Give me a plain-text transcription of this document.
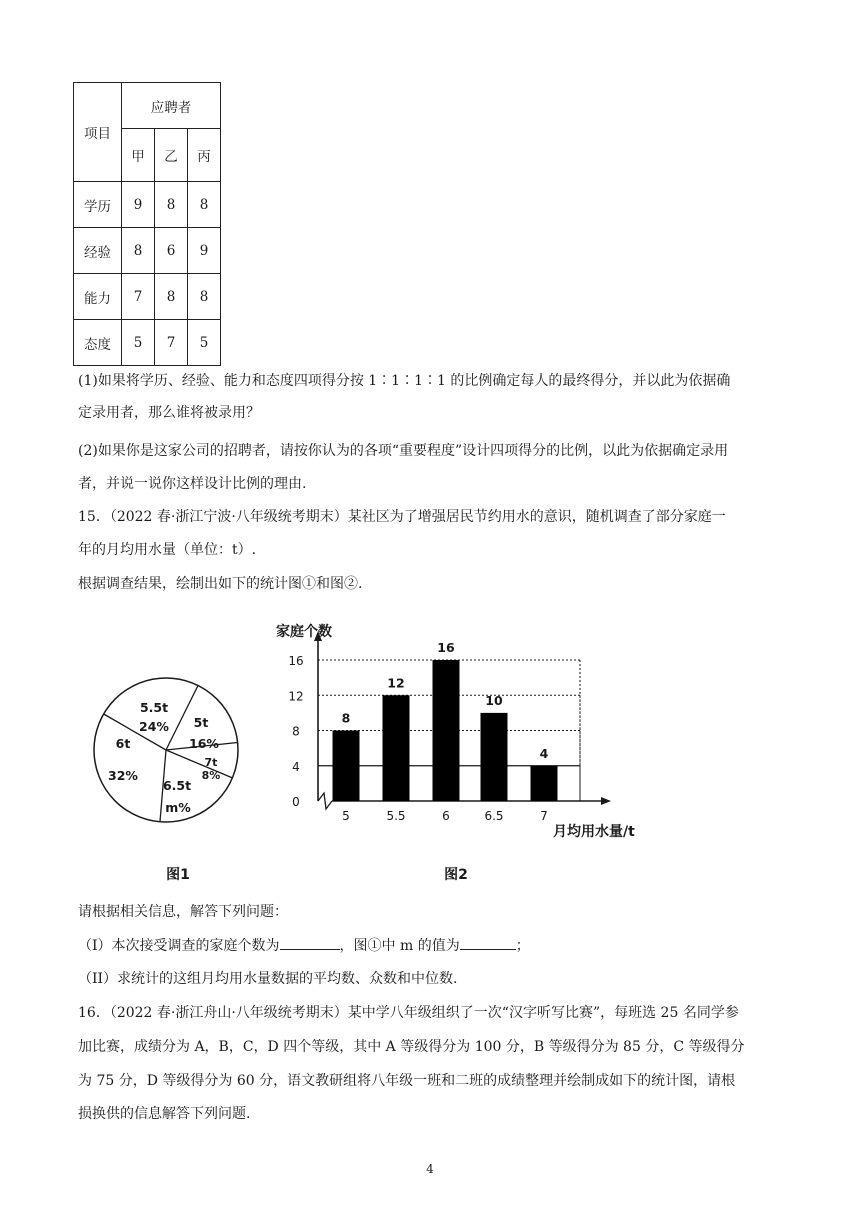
项目	应聘者		
	甲	乙	丙
学历	9	8	8
经验	8	6	9
能力	7	8	8
态度	5	7	5

(1)如果将学历、经验、能力和态度四项得分按 1∶1∶1∶1 的比例确定每人的最终得分，并以此为依据确

定录用者，那么谁将被录用？

(2)如果你是这家公司的招聘者，请按你认为的各项“重要程度”设计四项得分的比例，以此为依据确定录用

者，并说一说你这样设计比例的理由.

15．（2022 春·浙江宁波·八年级统考期末）某社区为了增强居民节约用水的意识，随机调查了部分家庭一

年的月均用水量（单位：t）.

根据调查结果，绘制出如下的统计图①和图②.

5.5t
24% 5t
16%
7t
8%
6.5t
m%
6t
32%
图1
0
4
8
12
16
8
5
12
5.5
16
6
10
6.5
4
7
家庭个数
月均用水量/t
图2

请根据相关信息，解答下列问题：

（I）本次接受调查的家庭个数为	，图①中 m 的值为	；

（II）求统计的这组月均用水量数据的平均数、众数和中位数.

16．（2022 春·浙江舟山·八年级统考期末）某中学八年级组织了一次“汉字听写比赛”，每班选 25 名同学参

加比赛，成绩分为 A，B，C，D 四个等级，其中 A 等级得分为 100 分，B 等级得分为 85 分，C 等级得分

为 75 分，D 等级得分为 60 分，语文教研组将八年级一班和二班的成绩整理并绘制成如下的统计图，请根

损换供的信息解答下列问题.

4
